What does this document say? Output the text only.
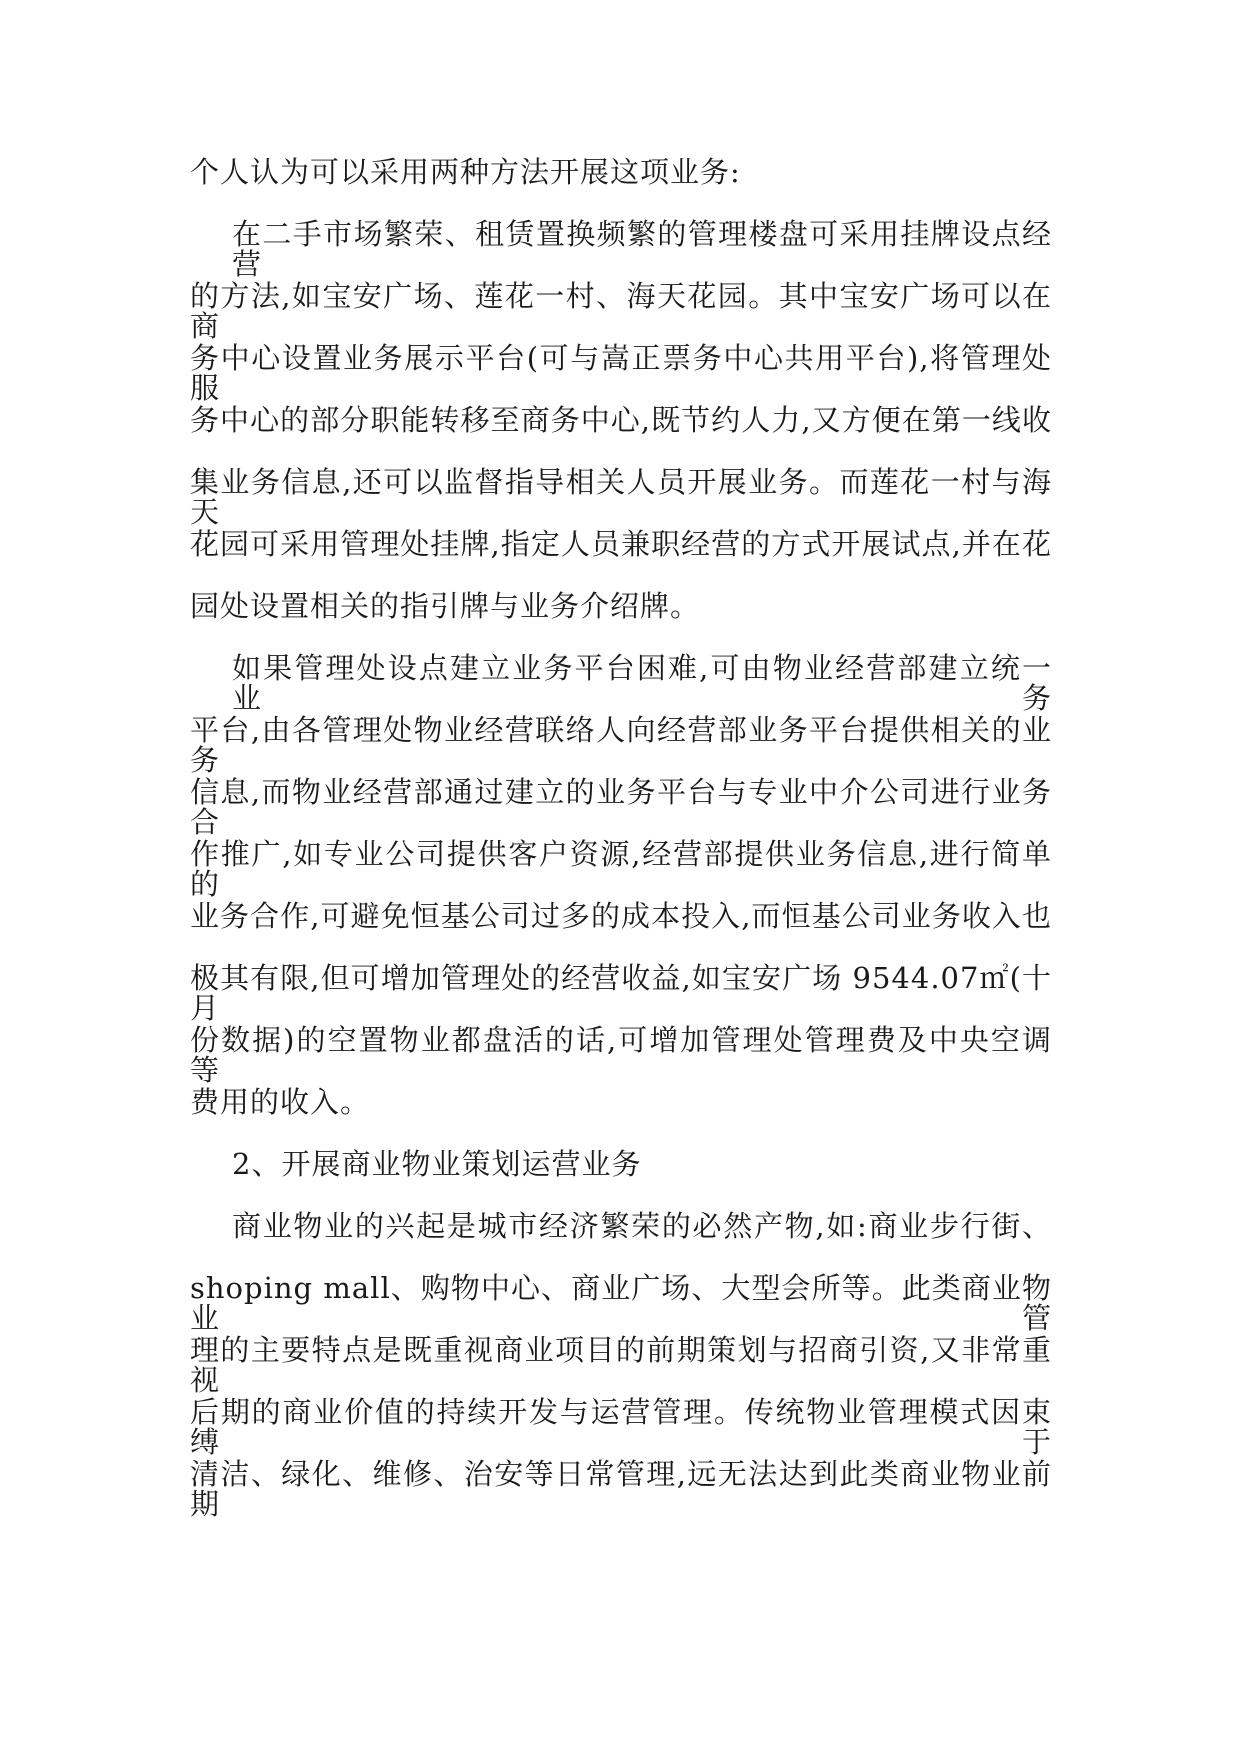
个人认为可以采用两种方法开展这项业务:
在二手市场繁荣、租赁置换频繁的管理楼盘可采用挂牌设点经营
的方法,如宝安广场、莲花一村、海天花园。其中宝安广场可以在商
务中心设置业务展示平台(可与嵩正票务中心共用平台),将管理处服
务中心的部分职能转移至商务中心,既节约人力,又方便在第一线收
集业务信息,还可以监督指导相关人员开展业务。而莲花一村与海天
花园可采用管理处挂牌,指定人员兼职经营的方式开展试点,并在花
园处设置相关的指引牌与业务介绍牌。
如果管理处设点建立业务平台困难,可由物业经营部建立统一业务
平台,由各管理处物业经营联络人向经营部业务平台提供相关的业务
信息,而物业经营部通过建立的业务平台与专业中介公司进行业务合
作推广,如专业公司提供客户资源,经营部提供业务信息,进行简单的
业务合作,可避免恒基公司过多的成本投入,而恒基公司业务收入也
极其有限,但可增加管理处的经营收益,如宝安广场 9544.07㎡(十月
份数据)的空置物业都盘活的话,可增加管理处管理费及中央空调等
费用的收入。
2、开展商业物业策划运营业务
商业物业的兴起是城市经济繁荣的必然产物,如:商业步行街、
shoping mall、购物中心、商业广场、大型会所等。此类商业物业管
理的主要特点是既重视商业项目的前期策划与招商引资,又非常重视
后期的商业价值的持续开发与运营管理。传统物业管理模式因束缚于
清洁、绿化、维修、治安等日常管理,远无法达到此类商业物业前期
